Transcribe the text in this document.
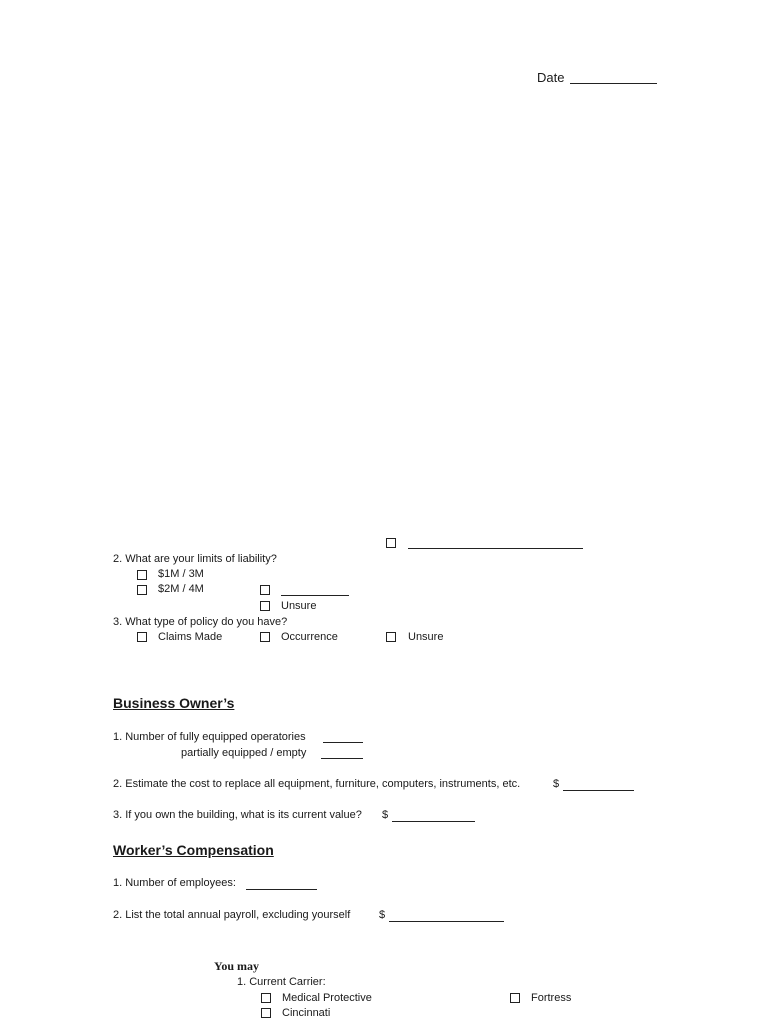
Date
2. What are your limits of liability?
$1M / 3M
$2M / 4M
Unsure
3. What type of policy do you have?
Claims Made	Occurrence	Unsure
Business Owner’s
1. Number of fully equipped operatories
partially equipped / empty
2. Estimate the cost to replace all equipment, furniture, computers, instruments, etc.	$
3. If you own the building, what is its current value? $
Worker’s Compensation
1. Number of employees:
2. List the total annual payroll, excluding yourself	$
You may
1. Current Carrier:
Medical Protective	Fortress
Cincinnati
